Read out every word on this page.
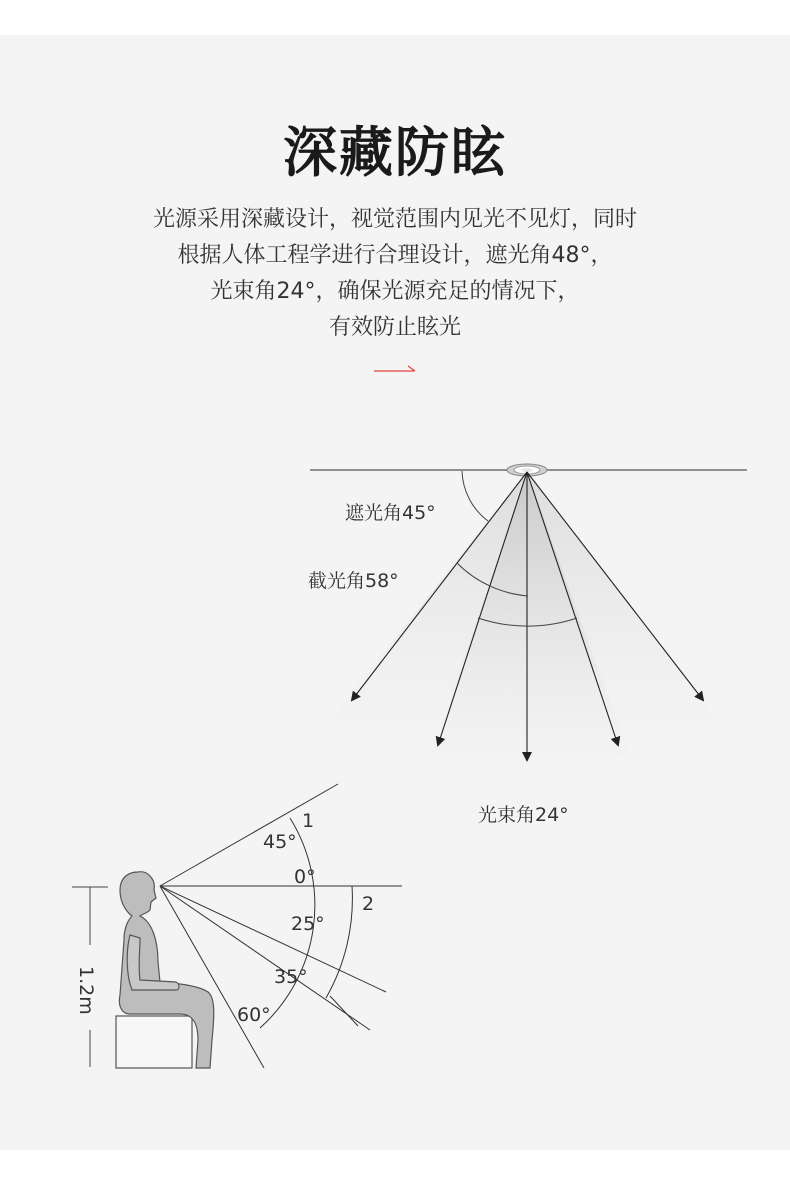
深藏防眩
光源采用深藏设计，视觉范围内见光不见灯，同时
根据人体工程学进行合理设计，遮光角48°，
光束角24°，确保光源充足的情况下，
有效防止眩光
遮光角45°
截光角58°
光束角24°
1.2m
45°
0°
25°
35°
60°
1
2
